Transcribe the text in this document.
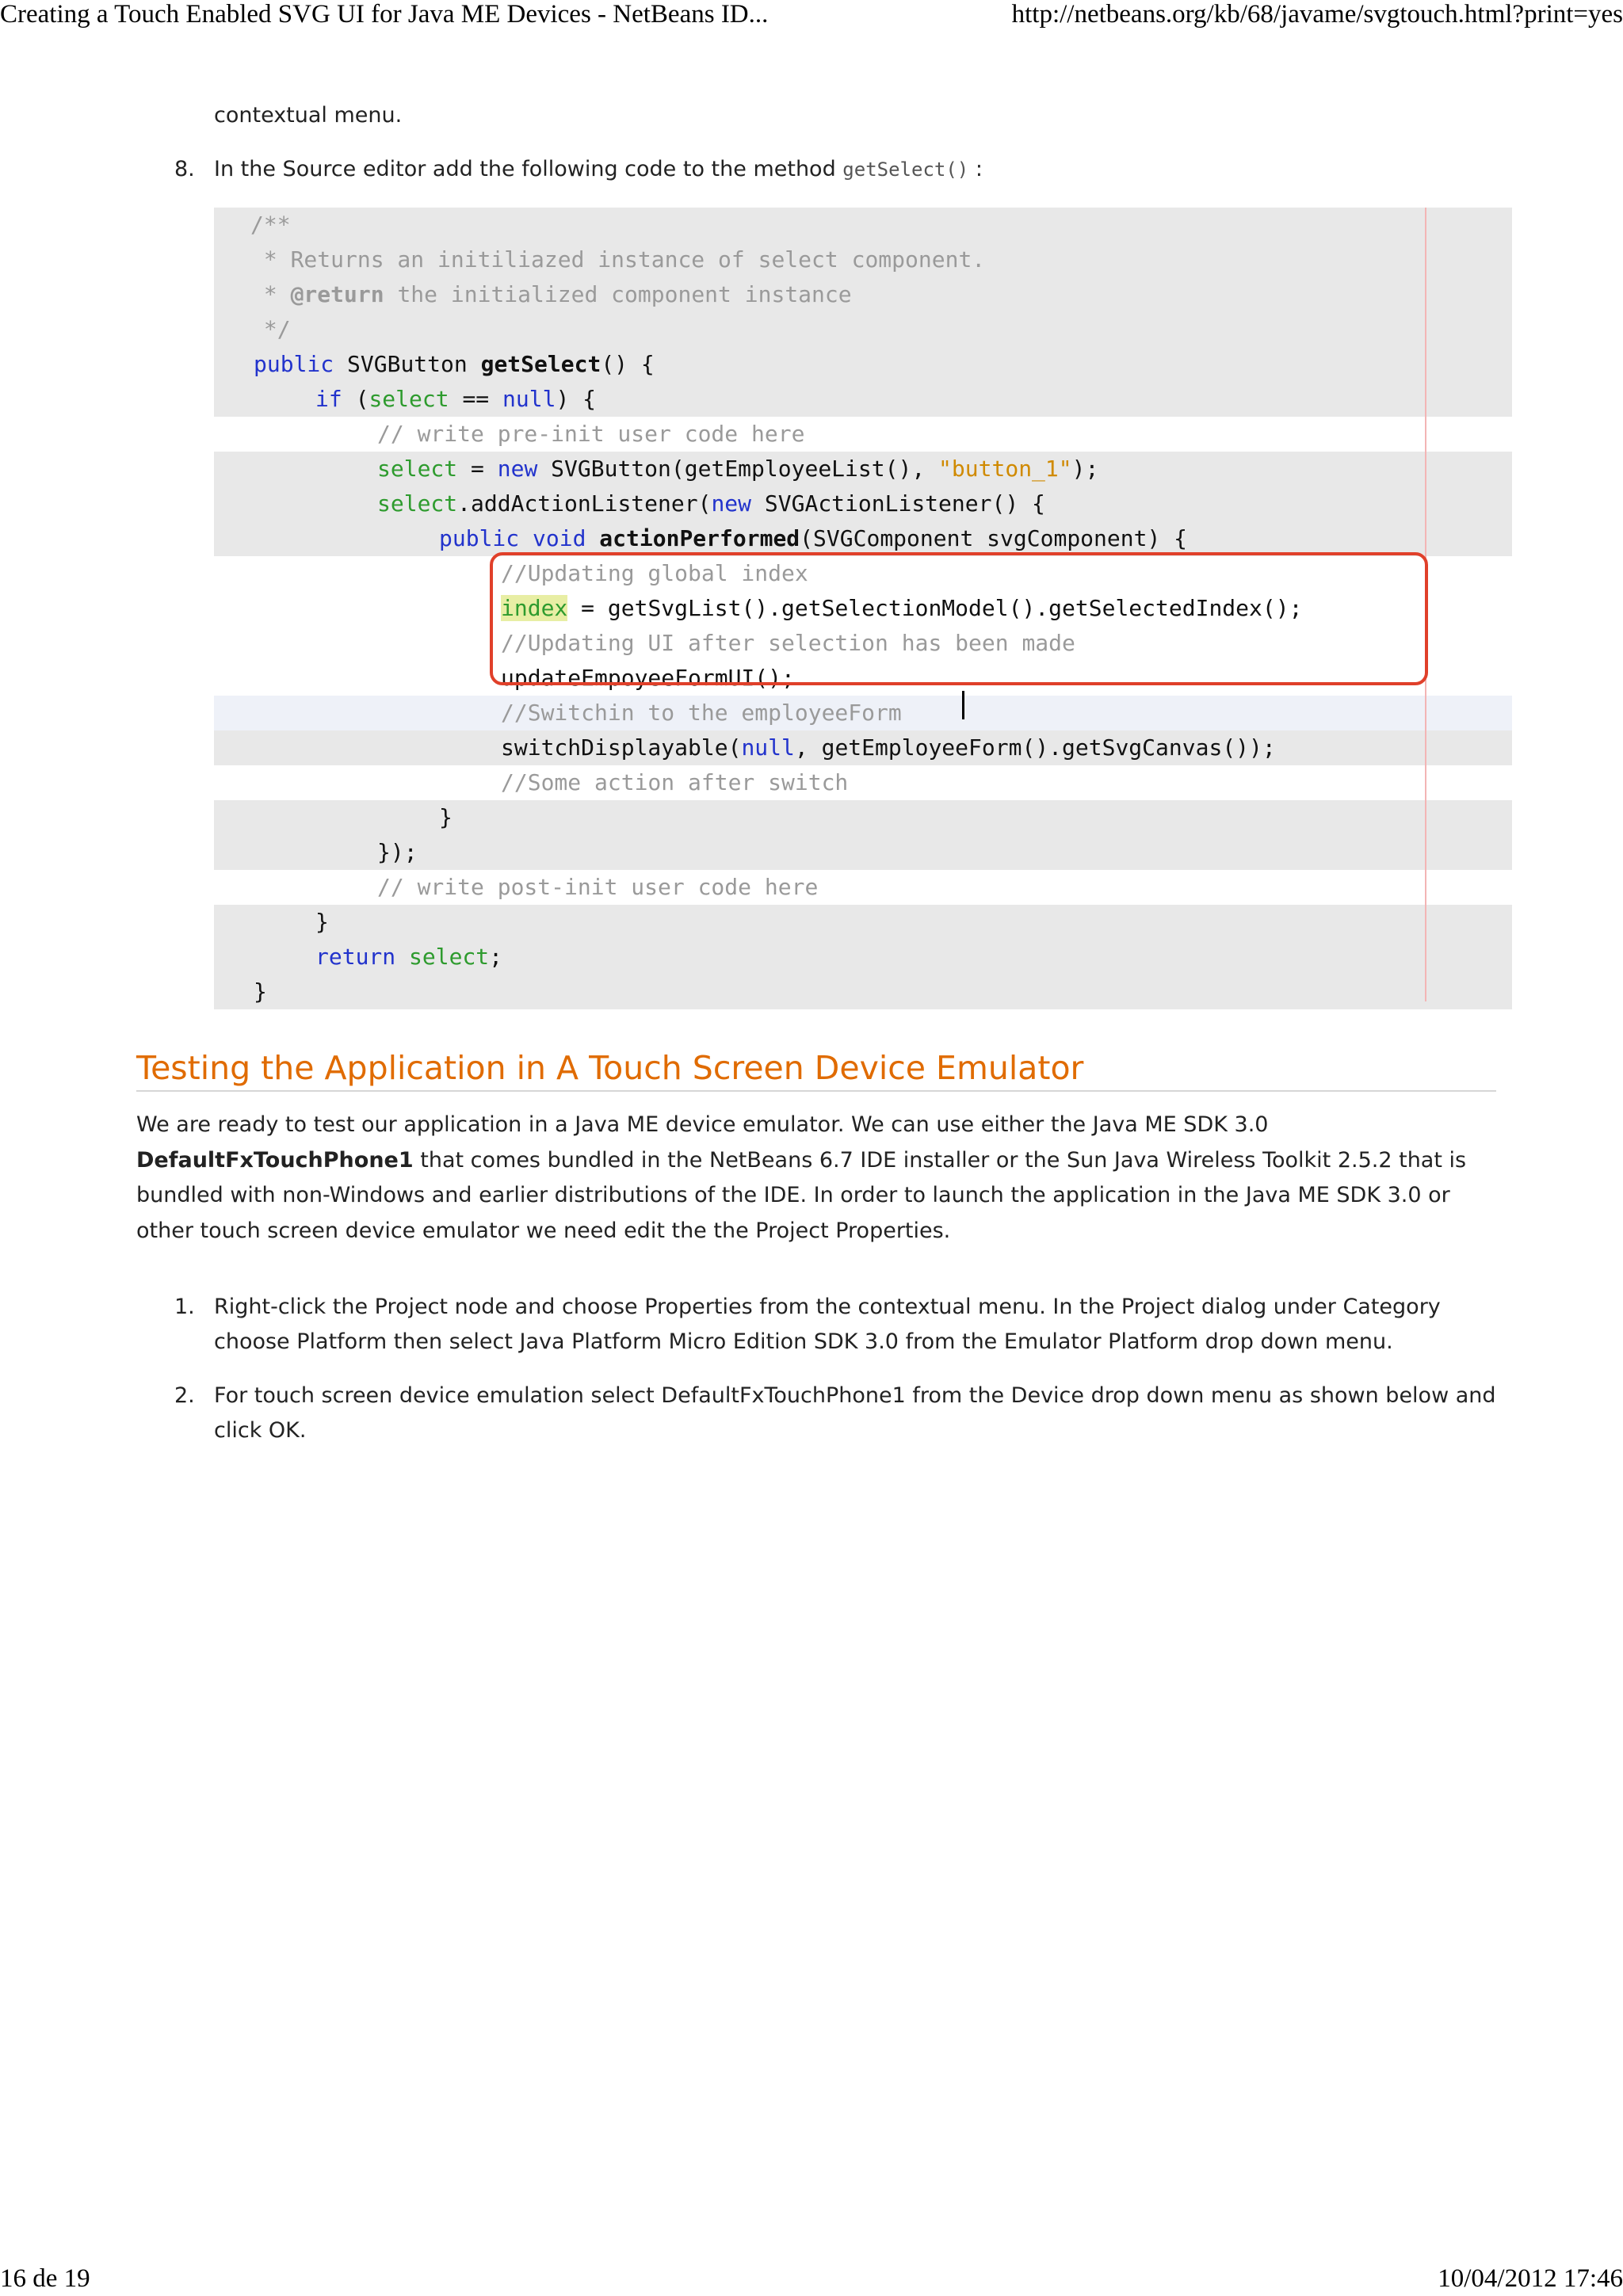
Creating a Touch Enabled SVG UI for Java ME Devices - NetBeans ID...	http://netbeans.org/kb/68/javame/svgtouch.html?print=yes
contextual menu.
8. In the Source editor add the following code to the method getSelect() :
/**
* Returns an initiliazed instance of select component.
* @return the initialized component instance
*/
public SVGButton getSelect() {
if (select == null) {
// write pre-init user code here
select = new SVGButton(getEmployeeList(), "button_1");
select.addActionListener(new SVGActionListener() {
public void actionPerformed(SVGComponent svgComponent) {
//Updating global index
index = getSvgList().getSelectionModel().getSelectedIndex();
//Updating UI after selection has been made
updateEmpoyeeFormUI();
//Switchin to the employeeForm
switchDisplayable(null, getEmployeeForm().getSvgCanvas());
//Some action after switch
}
});
// write post-init user code here
}
return select;
}
Testing the Application in A Touch Screen Device Emulator
We are ready to test our application in a Java ME device emulator. We can use either the Java ME SDK 3.0 DefaultFxTouchPhone1 that comes bundled in the NetBeans 6.7 IDE installer or the Sun Java Wireless Toolkit 2.5.2 that is bundled with non-Windows and earlier distributions of the IDE. In order to launch the application in the Java ME SDK 3.0 or other touch screen device emulator we need edit the the Project Properties.
1. Right-click the Project node and choose Properties from the contextual menu. In the Project dialog under Category choose Platform then select Java Platform Micro Edition SDK 3.0 from the Emulator Platform drop down menu.
2. For touch screen device emulation select DefaultFxTouchPhone1 from the Device drop down menu as shown below and click OK.
16 de 19	10/04/2012 17:46
